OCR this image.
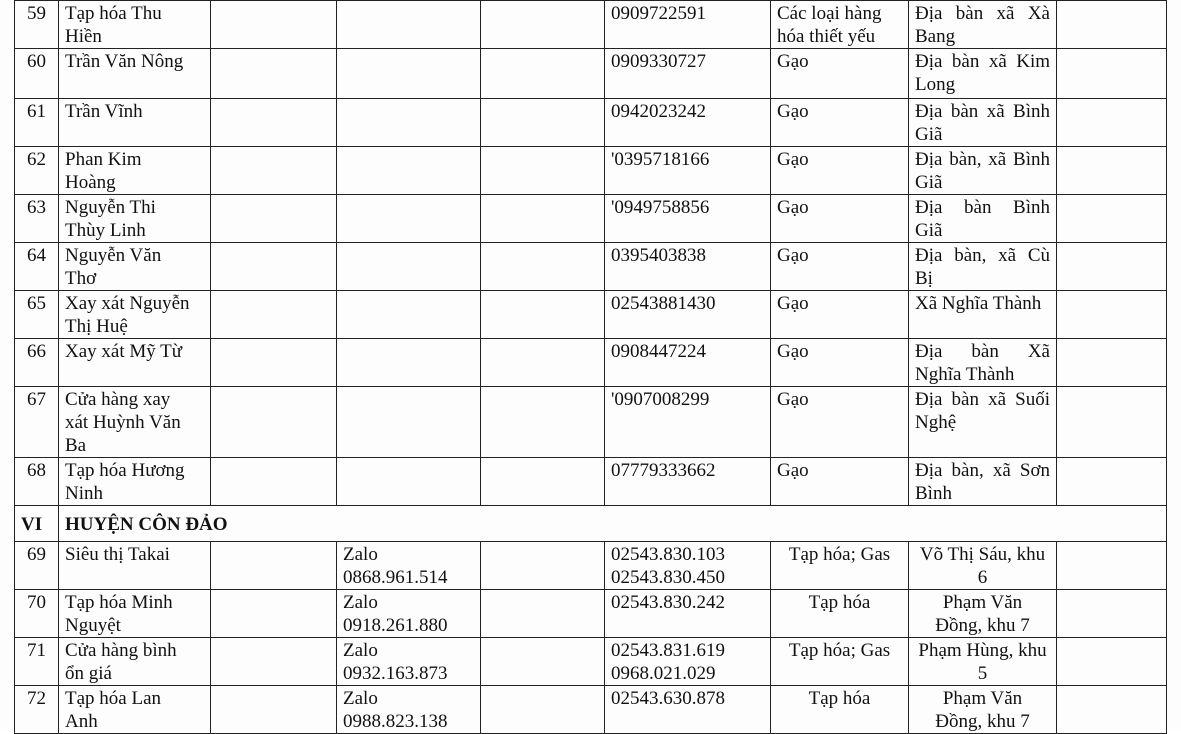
59	Tạp hóa Thu
Hiền				0909722591	Các loại hàng
hóa thiết yếu	Địa bàn xã Xà
Bang	

60	Trần Văn Nông				0909330727	Gạo	Địa bàn xã Kim
Long	

61	Trần Vĩnh				0942023242	Gạo	Địa bàn xã Bình
Giã	

62	Phan Kim
Hoàng				'0395718166	Gạo	Địa bàn, xã Bình
Giã	

63	Nguyễn Thi
Thùy Linh				'0949758856	Gạo	Địa bàn Bình
Giã	

64	Nguyễn Văn
Thơ				0395403838	Gạo	Địa bàn, xã Cù
Bị	

65	Xay xát Nguyễn
Thị Huệ				02543881430	Gạo	Xã Nghĩa Thành	

66	Xay xát Mỹ Từ				0908447224	Gạo	Địa bàn Xã
Nghĩa Thành	

67	Cửa hàng xay
xát Huỳnh Văn
Ba				'0907008299	Gạo	Địa bàn xã Suối
Nghệ	

68	Tạp hóa Hương
Ninh				07779333662	Gạo	Địa bàn, xã Sơn
Bình	

VI	HUYỆN CÔN ĐẢO							
69	Siêu thị Takai		Zalo
0868.961.514		02543.830.103
02543.830.450	Tạp hóa; Gas	Võ Thị Sáu, khu
6	

70	Tạp hóa Minh
Nguyệt		Zalo
0918.261.880		02543.830.242	Tạp hóa	Phạm Văn
Đồng, khu 7	

71	Cửa hàng bình
ổn giá		Zalo
0932.163.873		02543.831.619
0968.021.029	Tạp hóa; Gas	Phạm Hùng, khu
5	

72	Tạp hóa Lan
Anh		Zalo
0988.823.138		02543.630.878	Tạp hóa	Phạm Văn
Đồng, khu 7	
